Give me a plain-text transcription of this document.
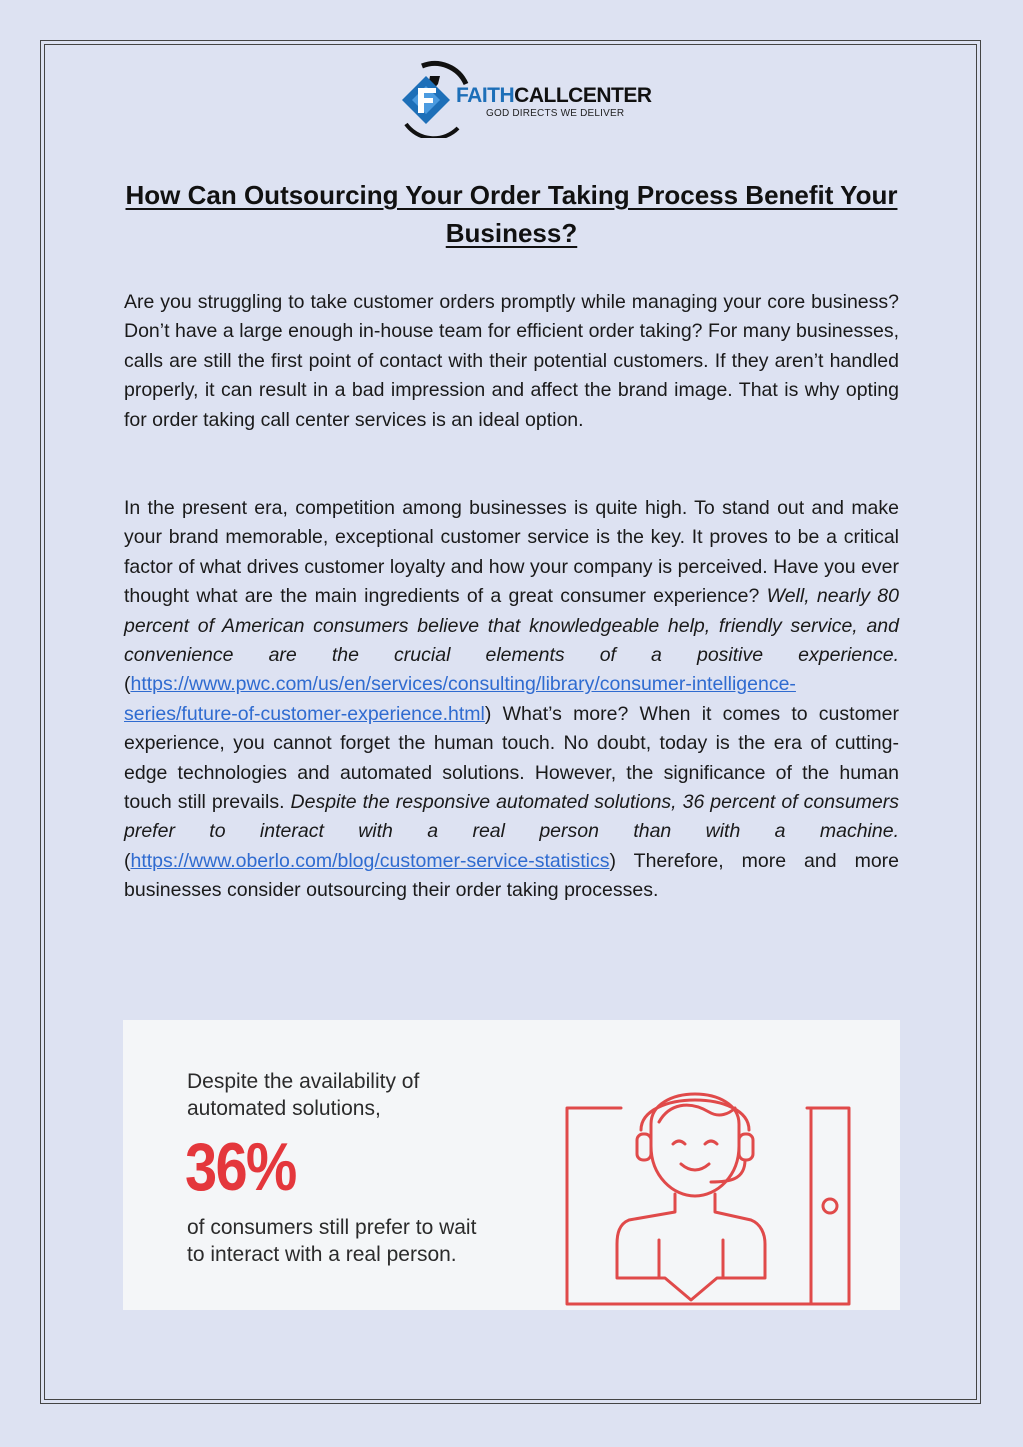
FAITHCALLCENTER
GOD DIRECTS WE DELIVER
How Can Outsourcing Your Order Taking Process Benefit Your Business?

Are you struggling to take customer orders promptly while managing your core business? Don’t have a large enough in-house team for efficient order taking? For many businesses, calls are still the first point of contact with their potential customers. If they aren’t handled properly, it can result in a bad impression and affect the brand image. That is why opting for order taking call center services is an ideal option.

In the present era, competition among businesses is quite high. To stand out and make your brand memorable, exceptional customer service is the key. It proves to be a critical factor of what drives customer loyalty and how your company is perceived. Have you ever thought what are the main ingredients of a great consumer experience? Well, nearly 80 percent of American consumers believe that knowledgeable help, friendly service, and convenience are the crucial elements of a positive experience. (https://www.pwc.com/us/en/services/consulting/library/consumer-intelligence-series/future-of-customer-experience.html) What’s more? When it comes to customer experience, you cannot forget the human touch. No doubt, today is the era of cutting-edge technologies and automated solutions. However, the significance of the human touch still prevails. Despite the responsive automated solutions, 36 percent of consumers prefer to interact with a real person than with a machine. (https://www.oberlo.com/blog/customer-service-statistics) Therefore, more and more businesses consider outsourcing their order taking processes.

Despite the availability of automated solutions,
36%
of consumers still prefer to wait to interact with a real person.
